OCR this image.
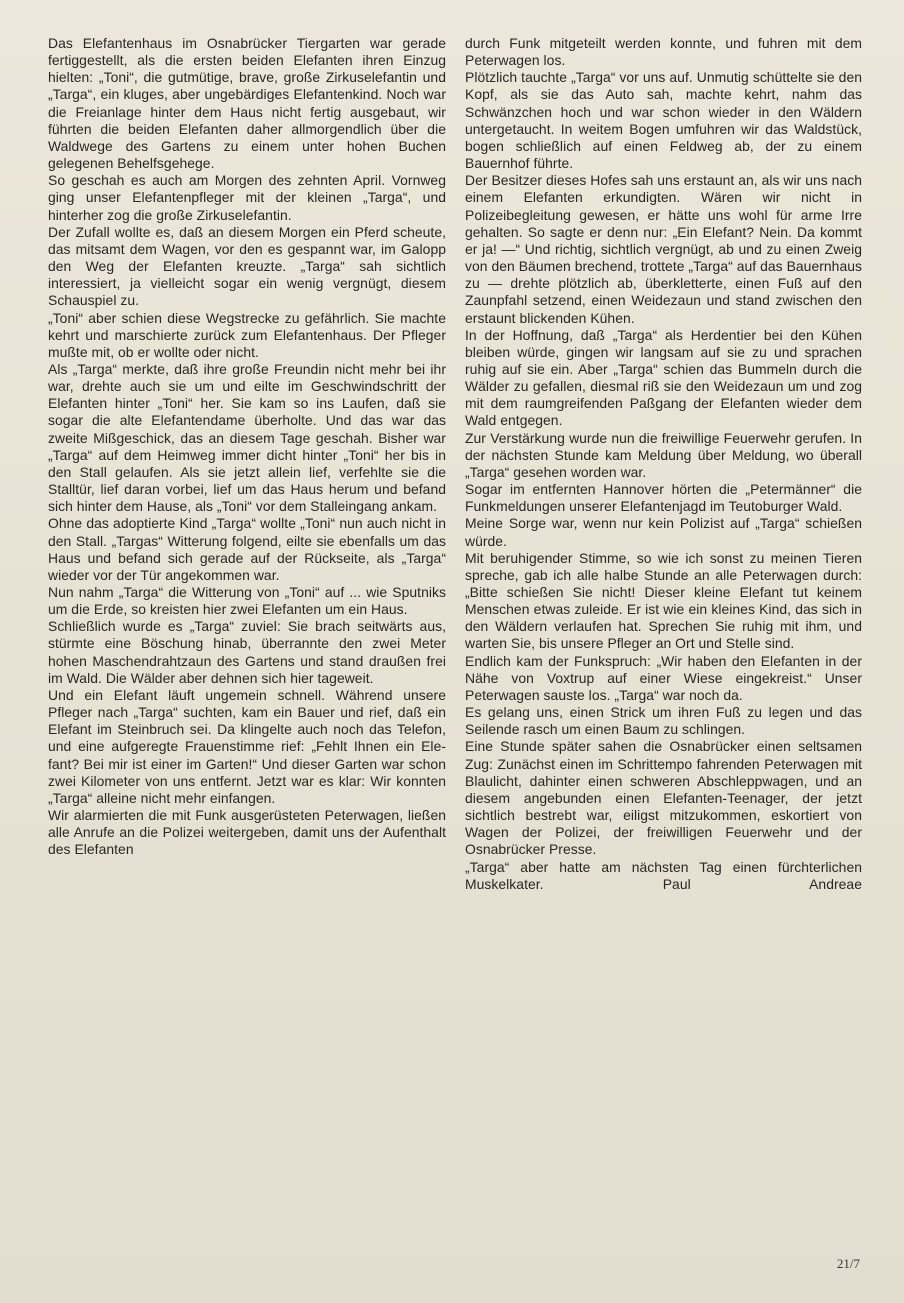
Das Elefantenhaus im Osnabrücker Tiergarten war gerade fertiggestellt, als die ersten beiden Elefanten ihren Einzug hielten: „Toni“, die gutmütige, brave, große Zirkuselefantin und „Targa“, ein kluges, aber ungebärdiges Elefantenkind. Noch war die Freianlage hinter dem Haus nicht fertig ausgebaut, wir führten die beiden Elefanten daher allmorgendlich über die Waldwege des Gartens zu einem unter hohen Buchen gelegenen Behelfsgehege.

So geschah es auch am Morgen des zehnten April. Vornweg ging unser Elefantenpfleger mit der kleinen „Targa“, und hinterher zog die große Zirkuselefantin.

Der Zufall wollte es, daß an diesem Morgen ein Pferd scheute, das mitsamt dem Wagen, vor den es gespannt war, im Galopp den Weg der Elefanten kreuzte. „Targa“ sah sichtlich interessiert, ja vielleicht sogar ein wenig vergnügt, diesem Schauspiel zu.

„Toni“ aber schien diese Wegstrecke zu gefährlich. Sie machte kehrt und marschierte zurück zum Elefantenhaus. Der Pfleger mußte mit, ob er wollte oder nicht.

Als „Targa“ merkte, daß ihre große Freundin nicht mehr bei ihr war, drehte auch sie um und eilte im Geschwindschritt der Elefanten hinter „Toni“ her. Sie kam so ins Laufen, daß sie sogar die alte Elefantendame überholte. Und das war das zweite Mißgeschick, das an diesem Tage geschah. Bisher war „Targa“ auf dem Heimweg immer dicht hinter „Toni“ her bis in den Stall gelaufen. Als sie jetzt allein lief, verfehlte sie die Stalltür, lief daran vorbei, lief um das Haus herum und befand sich hinter dem Hause, als „Toni“ vor dem Stalleingang ankam.

Ohne das adoptierte Kind „Targa“ wollte „Toni“ nun auch nicht in den Stall. „Targas“ Witterung folgend, eilte sie ebenfalls um das Haus und befand sich gerade auf der Rückseite, als „Targa“ wieder vor der Tür angekommen war.

Nun nahm „Targa“ die Witterung von „Toni“ auf ... wie Sputniks um die Erde, so kreisten hier zwei Elefanten um ein Haus.

Schließlich wurde es „Targa“ zuviel: Sie brach seitwärts aus, stürmte eine Böschung hinab, überrannte den zwei Meter hohen Maschendrahtzaun des Gartens und stand draußen frei im Wald. Die Wälder aber dehnen sich hier tageweit.

Und ein Elefant läuft ungemein schnell. Während unsere Pfleger nach „Targa“ suchten, kam ein Bauer und rief, daß ein Elefant im Steinbruch sei. Da klingelte auch noch das Telefon, und eine aufgeregte Frauenstimme rief: „Fehlt Ihnen ein Elefant? Bei mir ist einer im Garten!“ Und dieser Garten war schon zwei Kilometer von uns entfernt. Jetzt war es klar: Wir konnten „Targa“ alleine nicht mehr einfangen.

Wir alarmierten die mit Funk ausgerüsteten Peterwagen, ließen alle Anrufe an die Polizei weitergeben, damit uns der Aufenthalt des Elefanten

durch Funk mitgeteilt werden konnte, und fuhren mit dem Peterwagen los.

Plötzlich tauchte „Targa“ vor uns auf. Unmutig schüttelte sie den Kopf, als sie das Auto sah, machte kehrt, nahm das Schwänzchen hoch und war schon wieder in den Wäldern untergetaucht. In weitem Bogen umfuhren wir das Waldstück, bogen schließlich auf einen Feldweg ab, der zu einem Bauernhof führte.

Der Besitzer dieses Hofes sah uns erstaunt an, als wir uns nach einem Elefanten erkundigten. Wären wir nicht in Polizeibegleitung gewesen, er hätte uns wohl für arme Irre gehalten. So sagte er denn nur: „Ein Elefant? Nein. Da kommt er ja! —“ Und richtig, sichtlich vergnügt, ab und zu einen Zweig von den Bäumen brechend, trottete „Targa“ auf das Bauernhaus zu — drehte plötzlich ab, überkletterte, einen Fuß auf den Zaunpfahl setzend, einen Weidezaun und stand zwischen den erstaunt blickenden Kühen.

In der Hoffnung, daß „Targa“ als Herdentier bei den Kühen bleiben würde, gingen wir langsam auf sie zu und sprachen ruhig auf sie ein. Aber „Targa“ schien das Bummeln durch die Wälder zu gefallen, diesmal riß sie den Weidezaun um und zog mit dem raumgreifenden Paßgang der Elefanten wieder dem Wald entgegen.

Zur Verstärkung wurde nun die freiwillige Feuerwehr gerufen. In der nächsten Stunde kam Meldung über Meldung, wo überall „Targa“ gesehen worden war.

Sogar im entfernten Hannover hörten die „Petermänner“ die Funkmeldungen unserer Elefantenjagd im Teutoburger Wald.

Meine Sorge war, wenn nur kein Polizist auf „Targa“ schießen würde.

Mit beruhigender Stimme, so wie ich sonst zu meinen Tieren spreche, gab ich alle halbe Stunde an alle Peterwagen durch: „Bitte schießen Sie nicht! Dieser kleine Elefant tut keinem Menschen etwas zuleide. Er ist wie ein kleines Kind, das sich in den Wäldern verlaufen hat. Sprechen Sie ruhig mit ihm, und warten Sie, bis unsere Pfleger an Ort und Stelle sind.

Endlich kam der Funkspruch: „Wir haben den Elefanten in der Nähe von Voxtrup auf einer Wiese eingekreist.“ Unser Peterwagen sauste los. „Targa“ war noch da.

Es gelang uns, einen Strick um ihren Fuß zu legen und das Seilende rasch um einen Baum zu schlingen.

Eine Stunde später sahen die Osnabrücker einen seltsamen Zug: Zunächst einen im Schrittempo fahrenden Peterwagen mit Blaulicht, dahinter einen schweren Abschleppwagen, und an diesem angebunden einen Elefanten-Teenager, der jetzt sichtlich bestrebt war, eiligst mitzukommen, eskortiert von Wagen der Polizei, der freiwilligen Feuerwehr und der Osnabrücker Presse.

„Targa“ aber hatte am nächsten Tag einen fürchterlichen Muskelkater.	Paul Andreae

21/7
